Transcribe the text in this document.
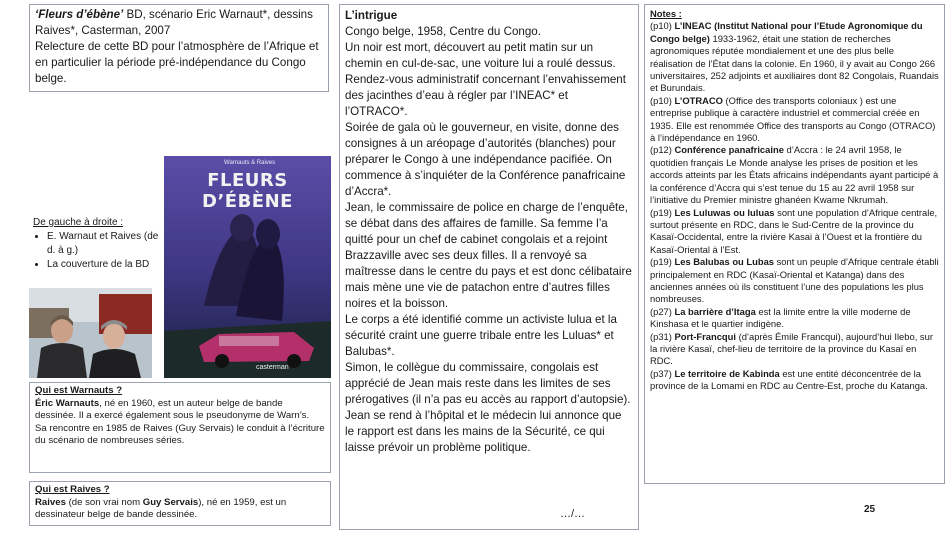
‘Fleurs d’ébène’ BD, scénario Eric Warnaut*, dessins Raives*, Casterman, 2007
Relecture de cette BD pour l’atmosphère de l’Afrique et en particulier la période pré-indépendance du Congo belge.
De gauche à droite :
• E. Warnaut et Raives (de d. à g.)
• La couverture de la BD
Warnauts & Raives
FLEURS D’ÉBÈNE
casterman
Qui est Warnauts ?
Éric Warnauts, né en 1960, est un auteur belge de bande dessinée. Il a exercé également sous le pseudonyme de Warn’s.
Sa rencontre en 1985 de Raives (Guy Servais) le conduit à l’écriture du scénario de nombreuses séries.
Qui est Raives ?
Raives (de son vrai nom Guy Servais), né en 1959, est un dessinateur belge de bande dessinée.

L’intrigue

Congo belge, 1958, Centre du Congo.

Un noir est mort, découvert au petit matin sur un chemin en cul-de-sac, une voiture lui a roulé dessus.

Rendez-vous administratif concernant l’envahissement des jacinthes d’eau à régler par l’INEAC* et l’OTRACO*.

Soirée de gala où le gouverneur, en visite, donne des consignes à un aréopage d’autorités (blanches) pour préparer le Congo à une indépendance pacifiée. On commence à s’inquiéter de la Conférence panafricaine d’Accra*.

Jean, le commissaire de police en charge de l’enquête, se débat dans des affaires de famille. Sa femme l’a quitté pour un chef de cabinet congolais et a rejoint Brazzaville avec ses deux filles. Il a renvoyé sa maîtresse dans le centre du pays et est donc célibataire mais mène une vie de patachon entre d’autres filles noires et la boisson.

Le corps a été identifié comme un activiste lulua et la sécurité craint une guerre tribale entre les Luluas* et Balubas*.

Simon, le collègue du commissaire, congolais est apprécié de Jean mais reste dans les limites de ses prérogatives (il n’a pas eu accès au rapport d’autopsie). Jean se rend à l’hôpital et le médecin lui annonce que le rapport est dans les mains de la Sécurité, ce qui laisse prévoir un problème politique.

…/…

Notes :

(p10) L’INEAC (Institut National pour l’Etude Agronomique du Congo belge) 1933-1962, était une station de recherches agronomiques réputée mondialement et une des plus belle réalisation de l’État dans la colonie. En 1960, il y avait au Congo 266 universitaires, 252 adjoints et auxiliaires dont 82 Congolais, Ruandais et Burundais.

(p10) L’OTRACO (Office des transports coloniaux ) est une entreprise publique à caractère industriel et commercial créée en 1935. Elle est renommée Office des transports au Congo (OTRACO) à l’indépendance en 1960.

(p12) Conférence panafricaine d’Accra : le 24 avril 1958, le quotidien français Le Monde analyse les prises de position et les accords atteints par les États africains indépendants ayant participé à la conférence d’Accra qui s’est tenue du 15 au 22 avril 1958 sur l’initiative du Premier ministre ghanéen Kwame Nkrumah.

(p19) Les Luluwas ou luluas sont une population d’Afrique centrale, surtout présente en RDC, dans le Sud-Centre de la province du Kasaï-Occidental, entre la rivière Kasai à l’Ouest et la frontière du Kasaï-Oriental à l’Est.

(p19) Les Balubas ou Lubas sont un peuple d’Afrique centrale établi principalement en RDC (Kasaï-Oriental et Katanga) dans des anciennes années où ils constituent l’une des populations les plus nombreuses.

(p27) La barrière d’Itaga est la limite entre la ville moderne de Kinshasa et le quartier indigène.

(p31) Port-Francqui (d’après Émile Francqui), aujourd’hui Ilebo, sur la rivière Kasaï, chef-lieu de territoire de la province du Kasaï en RDC.

(p37) Le territoire de Kabinda est une entité déconcentrée de la province de la Lomami en RDC au Centre-Est, proche du Katanga.

25
